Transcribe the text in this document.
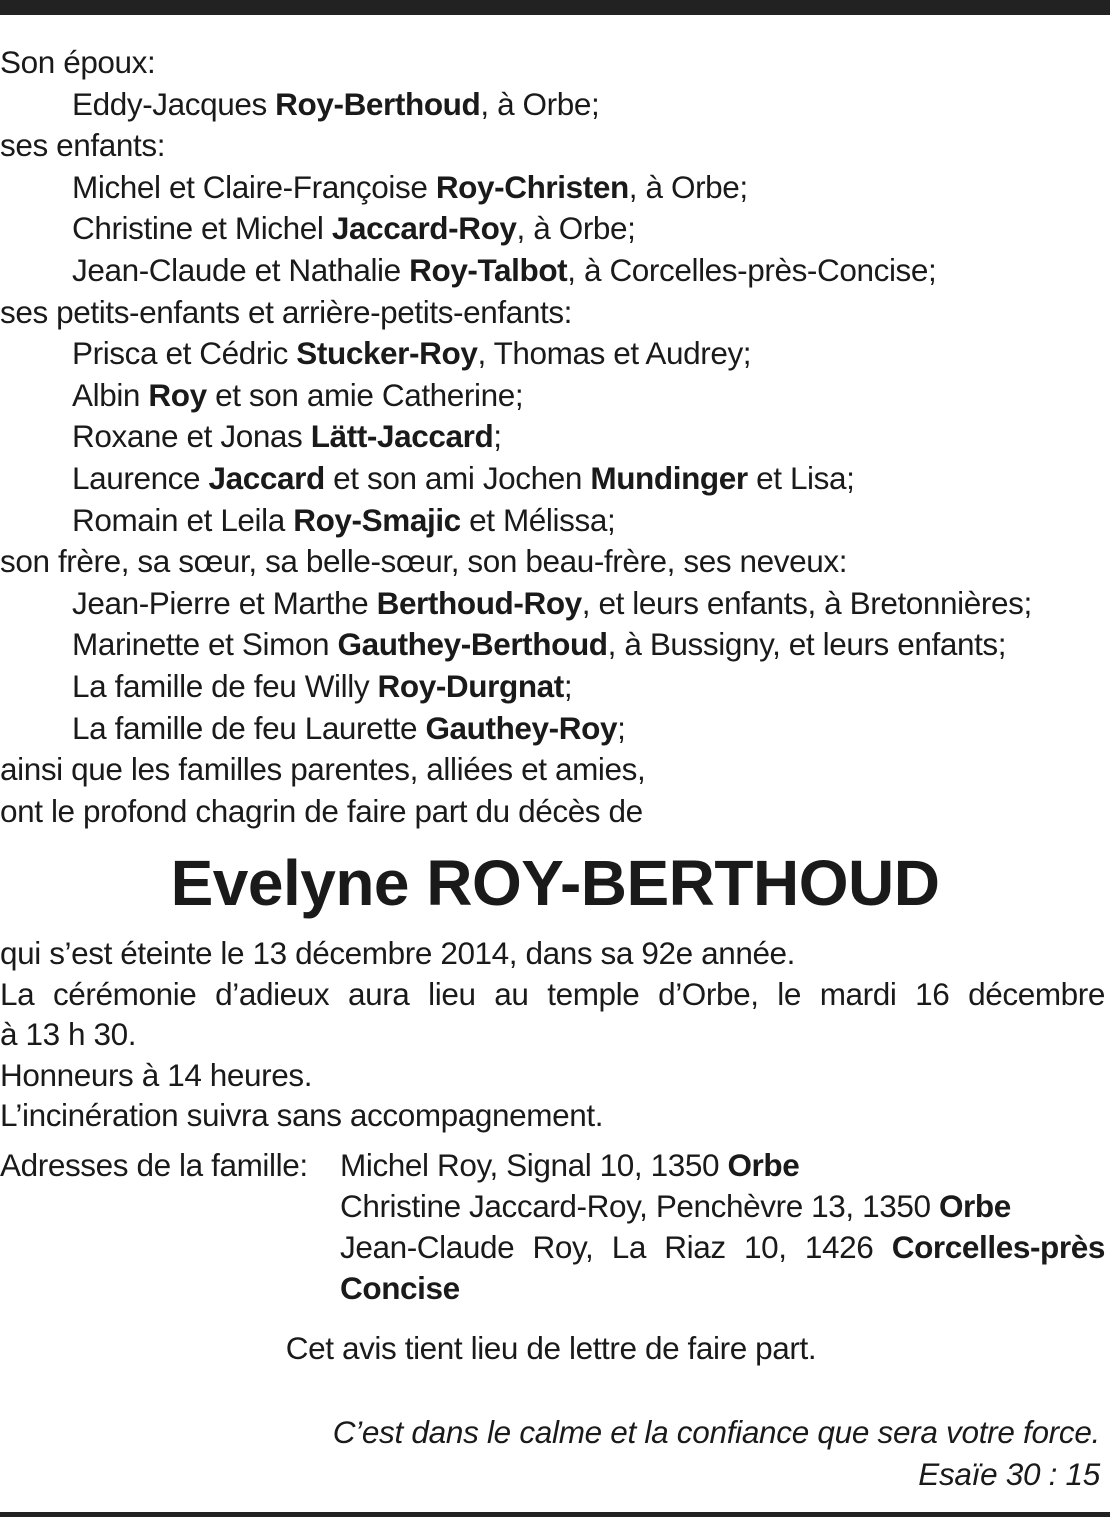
Son époux:
Eddy-Jacques Roy-Berthoud, à Orbe;
ses enfants:
Michel et Claire-Françoise Roy-Christen, à Orbe;
Christine et Michel Jaccard-Roy, à Orbe;
Jean-Claude et Nathalie Roy-Talbot, à Corcelles-près-Concise;
ses petits-enfants et arrière-petits-enfants:
Prisca et Cédric Stucker-Roy, Thomas et Audrey;
Albin Roy et son amie Catherine;
Roxane et Jonas Lätt-Jaccard;
Laurence Jaccard et son ami Jochen Mundinger et Lisa;
Romain et Leila Roy-Smajic et Mélissa;
son frère, sa sœur, sa belle-sœur, son beau-frère, ses neveux:
Jean-Pierre et Marthe Berthoud-Roy, et leurs enfants, à Bretonnières;
Marinette et Simon Gauthey-Berthoud, à Bussigny, et leurs enfants;
La famille de feu Willy Roy-Durgnat;
La famille de feu Laurette Gauthey-Roy;
ainsi que les familles parentes, alliées et amies,
ont le profond chagrin de faire part du décès de
Evelyne ROY-BERTHOUD
qui s’est éteinte le 13 décembre 2014, dans sa 92e année.
La cérémonie d’adieux aura lieu au temple d’Orbe, le mardi 16 décembre
à 13 h 30.
Honneurs à 14 heures.
L’incinération suivra sans accompagnement.
Adresses de la famille:	Michel Roy, Signal 10, 1350 Orbe
Christine Jaccard-Roy, Penchèvre 13, 1350 Orbe
Jean-Claude Roy, La Riaz 10, 1426 Corcelles-près
Concise
Cet avis tient lieu de lettre de faire part.
C’est dans le calme et la confiance que sera votre force.
Esaïe 30 : 15
